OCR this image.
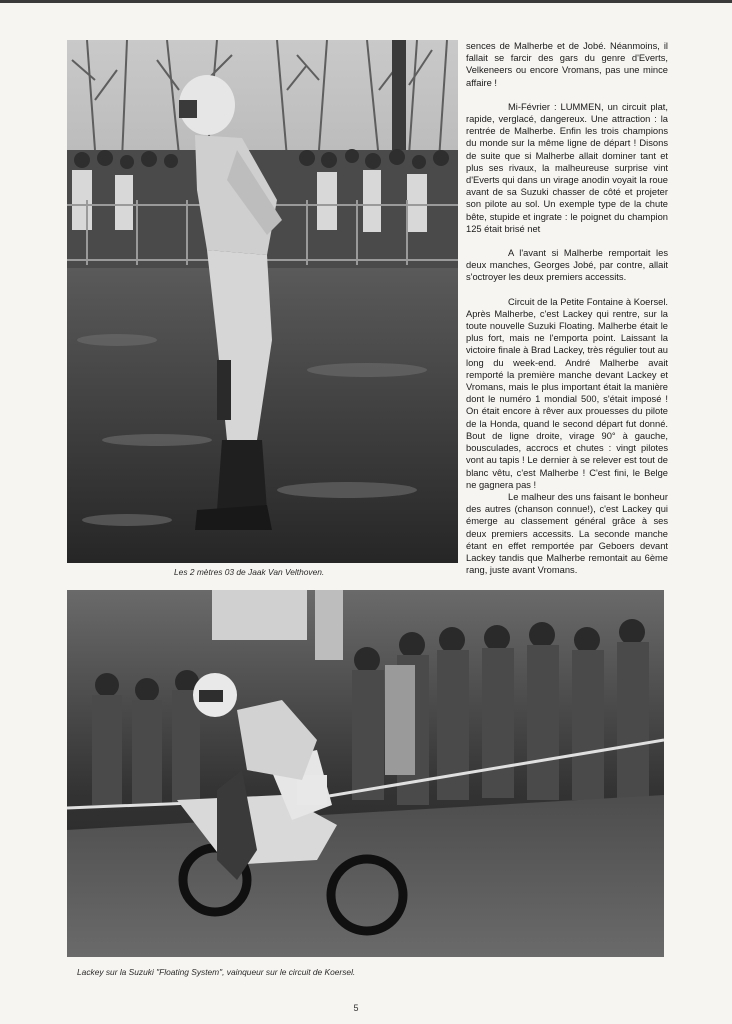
Les 2 mètres 03 de Jaak Van Velthoven.

sences de Malherbe et de Jobé. Néanmoins, il fallait se farcir des gars du genre d'Everts, Velkeneers ou encore Vromans, pas une mince affaire !

Mi-Février : LUMMEN, un circuit plat, rapide, verglacé, dangereux. Une attraction : la rentrée de Malherbe. Enfin les trois champions du monde sur la même ligne de départ ! Disons de suite que si Malherbe allait dominer tant et plus ses rivaux, la malheureuse surprise vint d'Everts qui dans un virage anodin voyait la roue avant de sa Suzuki chasser de côté et projeter son pilote au sol. Un exemple type de la chute bête, stupide et ingrate : le poignet du champion 125 était brisé net

A l'avant si Malherbe remportait les deux manches, Georges Jobé, par contre, allait s'octroyer les deux premiers accessits.

Circuit de la Petite Fontaine à Koersel. Après Malherbe, c'est Lackey qui rentre, sur la toute nouvelle Suzuki Floating. Malherbe était le plus fort, mais ne l'emporta point. Laissant la victoire finale à Brad Lackey, très régulier tout au long du week-end. André Malherbe avait remporté la première manche devant Lackey et Vromans, mais le plus important était la manière dont le numéro 1 mondial 500, s'était imposé ! On était encore à rêver aux prouesses du pilote de la Honda, quand le second départ fut donné. Bout de ligne droite, virage 90° à gauche, bousculades, accrocs et chutes : vingt pilotes vont au tapis ! Le dernier à se relever est tout de blanc vêtu, c'est Malherbe ! C'est fini, le Belge ne gagnera pas !

Le malheur des uns faisant le bonheur des autres (chanson connue!), c'est Lackey qui émerge au classement général grâce à ses deux premiers accessits. La seconde manche étant en effet remportée par Geboers devant Lackey tandis que Malherbe remontait au 6ème rang, juste avant Vromans.

Lackey sur la Suzuki "Floating System", vainqueur sur le circuit de Koersel.
5
